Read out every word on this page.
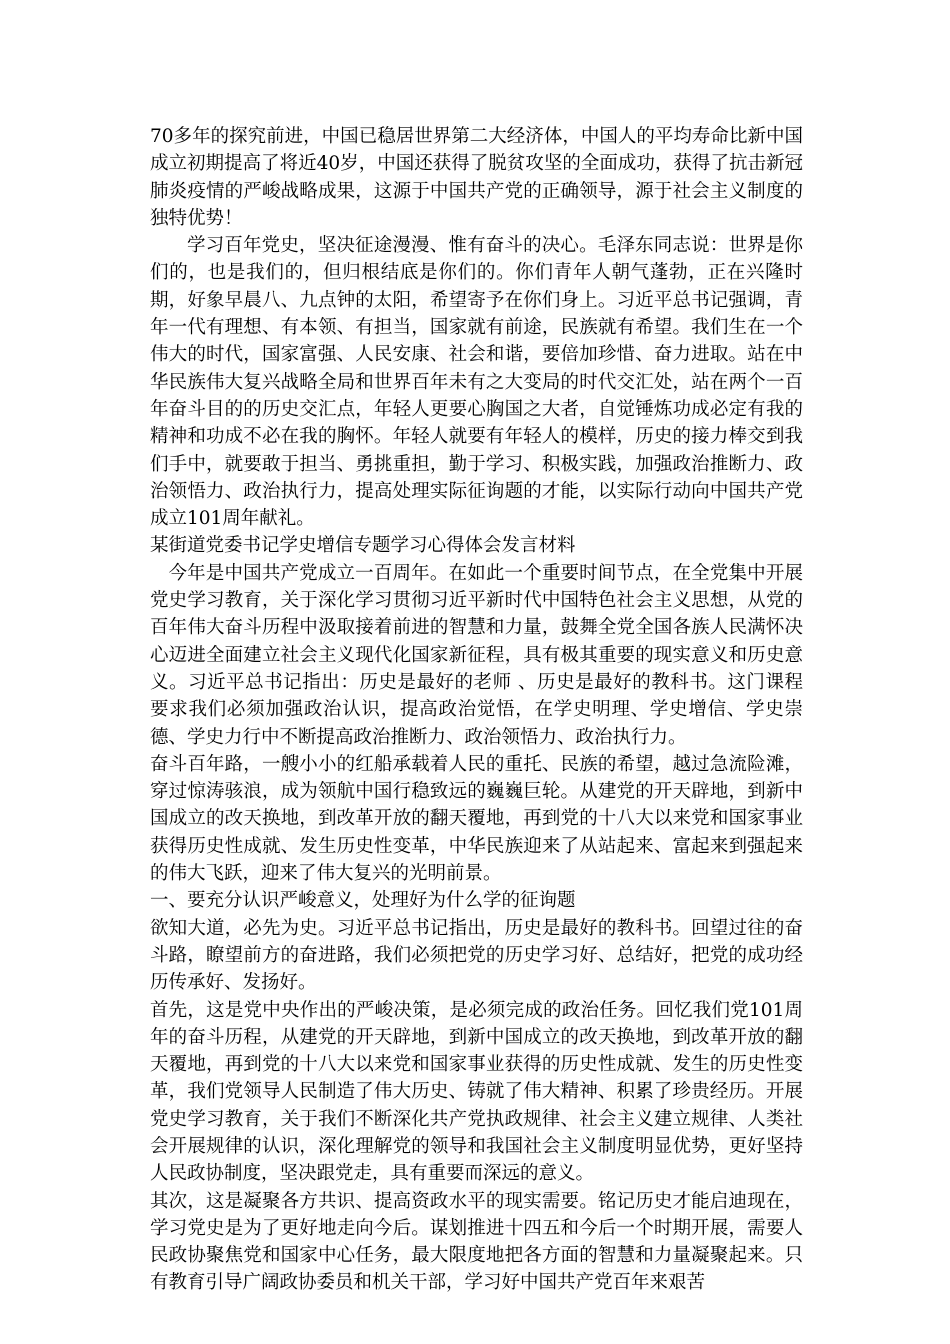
70多年的探究前进，中国已稳居世界第二大经济体，中国人的平均寿命比新中国成立初期提高了将近40岁，中国还获得了脱贫攻坚的全面成功，获得了抗击新冠肺炎疫情的严峻战略成果，这源于中国共产党的正确领导，源于社会主义制度的独特优势！

学习百年党史，坚决征途漫漫、惟有奋斗的决心。毛泽东同志说：世界是你们的，也是我们的，但归根结底是你们的。你们青年人朝气蓬勃，正在兴隆时期，好象早晨八、九点钟的太阳，希望寄予在你们身上。习近平总书记强调，青年一代有理想、有本领、有担当，国家就有前途，民族就有希望。我们生在一个伟大的时代，国家富强、人民安康、社会和谐，要倍加珍惜、奋力进取。站在中华民族伟大复兴战略全局和世界百年未有之大变局的时代交汇处，站在两个一百年奋斗目的的历史交汇点，年轻人更要心胸国之大者，自觉锤炼功成必定有我的精神和功成不必在我的胸怀。年轻人就要有年轻人的模样，历史的接力棒交到我们手中，就要敢于担当、勇挑重担，勤于学习、积极实践，加强政治推断力、政治领悟力、政治执行力，提高处理实际征询题的才能，以实际行动向中国共产党成立101周年献礼。

某街道党委书记学史增信专题学习心得体会发言材料

今年是中国共产党成立一百周年。在如此一个重要时间节点，在全党集中开展党史学习教育，关于深化学习贯彻习近平新时代中国特色社会主义思想，从党的百年伟大奋斗历程中汲取接着前进的智慧和力量，鼓舞全党全国各族人民满怀决心迈进全面建立社会主义现代化国家新征程，具有极其重要的现实意义和历史意义。习近平总书记指出：历史是最好的老师 、历史是最好的教科书。这门课程要求我们必须加强政治认识，提高政治觉悟，在学史明理、学史增信、学史崇德、学史力行中不断提高政治推断力、政治领悟力、政治执行力。

奋斗百年路，一艘小小的红船承载着人民的重托、民族的希望，越过急流险滩，穿过惊涛骇浪，成为领航中国行稳致远的巍巍巨轮。从建党的开天辟地，到新中国成立的改天换地，到改革开放的翻天覆地，再到党的十八大以来党和国家事业获得历史性成就、发生历史性变革，中华民族迎来了从站起来、富起来到强起来的伟大飞跃，迎来了伟大复兴的光明前景。

一、要充分认识严峻意义，处理好为什么学的征询题

欲知大道，必先为史。习近平总书记指出，历史是最好的教科书。回望过往的奋斗路，瞭望前方的奋进路，我们必须把党的历史学习好、总结好，把党的成功经历传承好、发扬好。

首先，这是党中央作出的严峻决策，是必须完成的政治任务。回忆我们党101周年的奋斗历程，从建党的开天辟地，到新中国成立的改天换地，到改革开放的翻天覆地，再到党的十八大以来党和国家事业获得的历史性成就、发生的历史性变革，我们党领导人民制造了伟大历史、铸就了伟大精神、积累了珍贵经历。开展党史学习教育，关于我们不断深化共产党执政规律、社会主义建立规律、人类社会开展规律的认识，深化理解党的领导和我国社会主义制度明显优势，更好坚持人民政协制度，坚决跟党走，具有重要而深远的意义。

其次，这是凝聚各方共识、提高资政水平的现实需要。铭记历史才能启迪现在，学习党史是为了更好地走向今后。谋划推进十四五和今后一个时期开展，需要人民政协聚焦党和国家中心任务，最大限度地把各方面的智慧和力量凝聚起来。只有教育引导广阔政协委员和机关干部，学习好中国共产党百年来艰苦
